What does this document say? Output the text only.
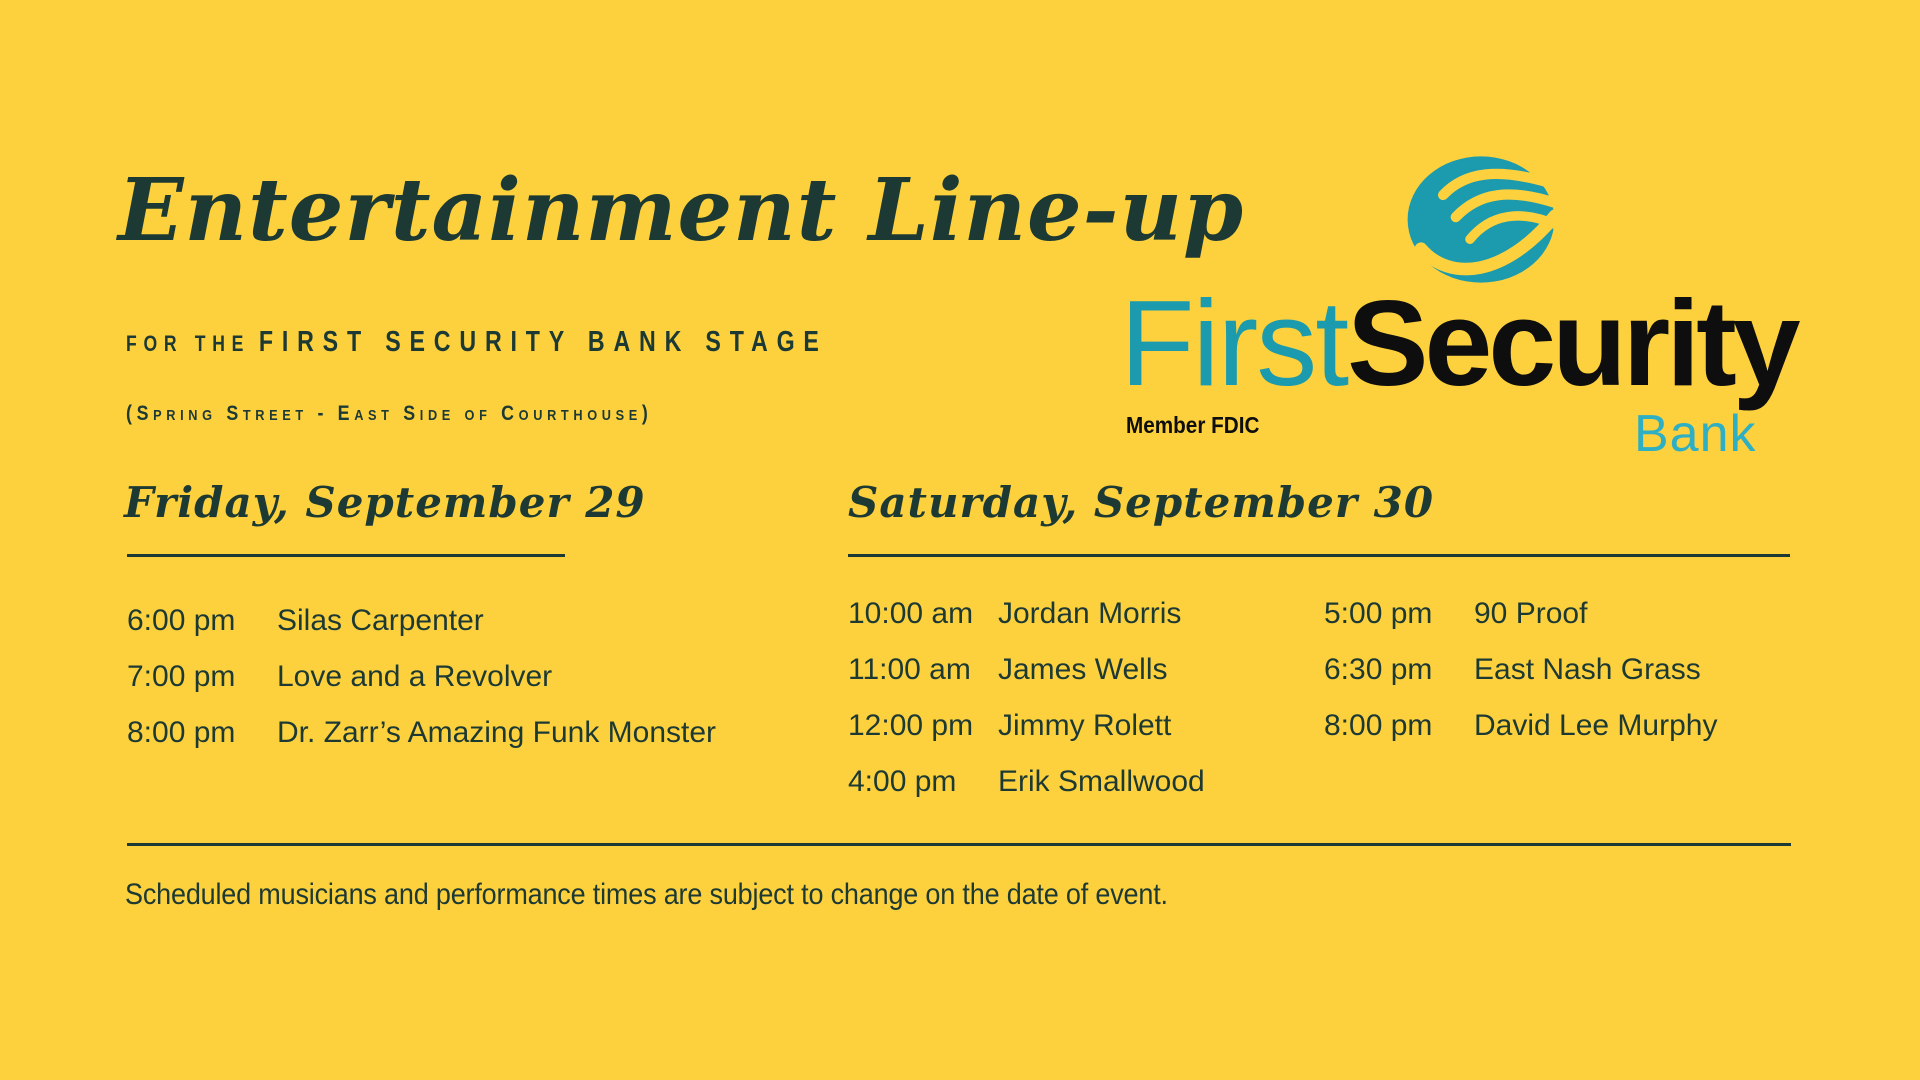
Entertainment Line-up
FOR THE FIRST SECURITY BANK STAGE
(Spring Street - East Side of Courthouse)
FirstSecurity
Member FDIC	Bank
Friday, September 29
6:00 pm	Silas Carpenter
7:00 pm	Love and a Revolver
8:00 pm	Dr. Zarr’s Amazing Funk Monster
Saturday, September 30
10:00 am Jordan Morris
11:00 am James Wells
12:00 pm Jimmy Rolett
4:00 pm	Erik Smallwood
5:00 pm	90 Proof
6:30 pm	East Nash Grass
8:00 pm	David Lee Murphy
Scheduled musicians and performance times are subject to change on the date of event.
